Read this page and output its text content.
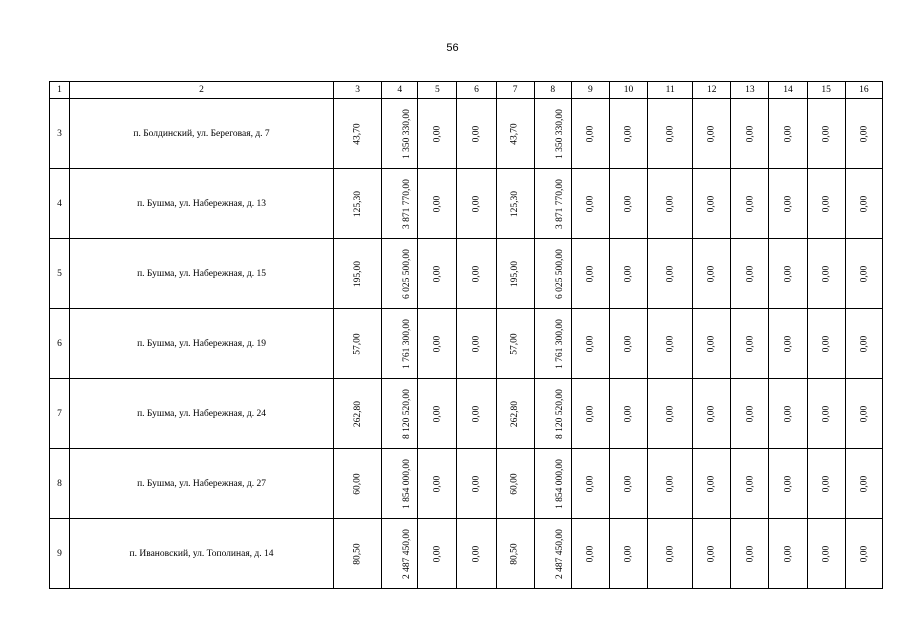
56
1	2	3	4	5	6	7	8	9	10	11	12	13	14	15	16
3	п. Болдинский, ул. Береговая, д. 7	43,70	1 350 330,00	0,00	0,00	43,70	1 350 330,00	0,00	0,00	0,00	0,00	0,00	0,00	0,00	0,00
4	п. Бушма, ул. Набережная, д. 13	125,30	3 871 770,00	0,00	0,00	125,30	3 871 770,00	0,00	0,00	0,00	0,00	0,00	0,00	0,00	0,00
5	п. Бушма, ул. Набережная, д. 15	195,00	6 025 500,00	0,00	0,00	195,00	6 025 500,00	0,00	0,00	0,00	0,00	0,00	0,00	0,00	0,00
6	п. Бушма, ул. Набережная, д. 19	57,00	1 761 300,00	0,00	0,00	57,00	1 761 300,00	0,00	0,00	0,00	0,00	0,00	0,00	0,00	0,00
7	п. Бушма, ул. Набережная, д. 24	262,80	8 120 520,00	0,00	0,00	262,80	8 120 520,00	0,00	0,00	0,00	0,00	0,00	0,00	0,00	0,00
8	п. Бушма, ул. Набережная, д. 27	60,00	1 854 000,00	0,00	0,00	60,00	1 854 000,00	0,00	0,00	0,00	0,00	0,00	0,00	0,00	0,00
9	п. Ивановский, ул. Тополиная, д. 14	80,50	2 487 450,00	0,00	0,00	80,50	2 487 450,00	0,00	0,00	0,00	0,00	0,00	0,00	0,00	0,00
